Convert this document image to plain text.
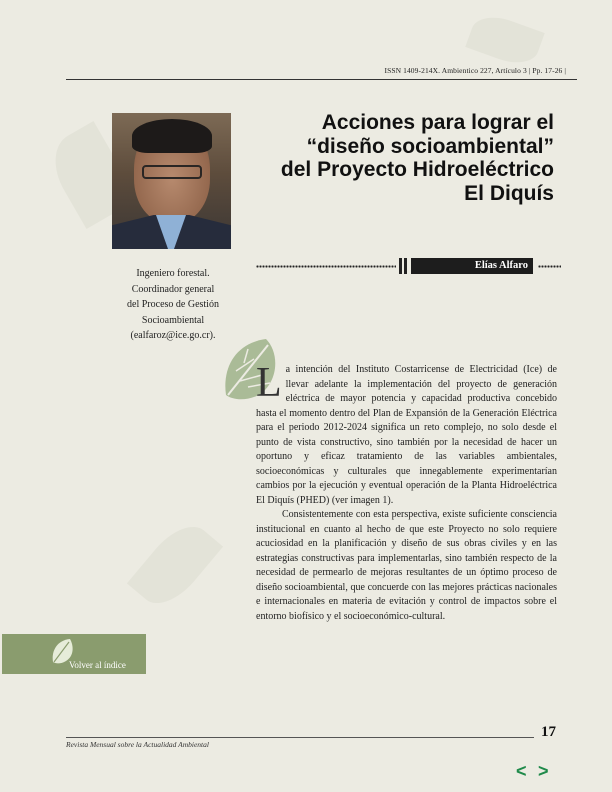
ISSN 1409-214X. Ambientico 227, Artículo 3 | Pp. 17-26 |
Acciones para lograr el
“diseño socioambiental”
del Proyecto Hidroeléctrico
El Diquís
Elías Alfaro
Ingeniero forestal.
Coordinador general
del Proceso de Gestión
Socioambiental
(ealfaroz@ice.go.cr).

La intención del Instituto Costarricense de Electricidad (Ice) de llevar adelante la implementación del proyecto de generación eléctrica de mayor potencia y capacidad productiva concebido hasta el momento dentro del Plan de Expansión de la Generación Eléctrica para el periodo 2012-2024 significa un reto complejo, no solo desde el punto de vista constructivo, sino también por la necesidad de hacer un oportuno y eficaz tratamiento de las variables ambientales, socioeconómicas y culturales que innegablemente experimentarían cambios por la ejecución y eventual operación de la Planta Hidroeléctrica El Diquís (PHED) (ver imagen 1).

Consistentemente con esta perspectiva, existe suficiente consciencia institucional en cuanto al hecho de que este Proyecto no solo requiere acuciosidad en la planificación y diseño de sus obras civiles y en las estrategias constructivas para implementarlas, sino también respecto de la necesidad de permearlo de mejoras resultantes de un óptimo proceso de diseño socioambiental, que concuerde con las mejores prácticas nacionales e internacionales en materia de evitación y control de impactos sobre el entorno biofísico y el socioeconómico-cultural.

Volver al índice
Revista Mensual sobre la Actualidad Ambiental
17
< >
